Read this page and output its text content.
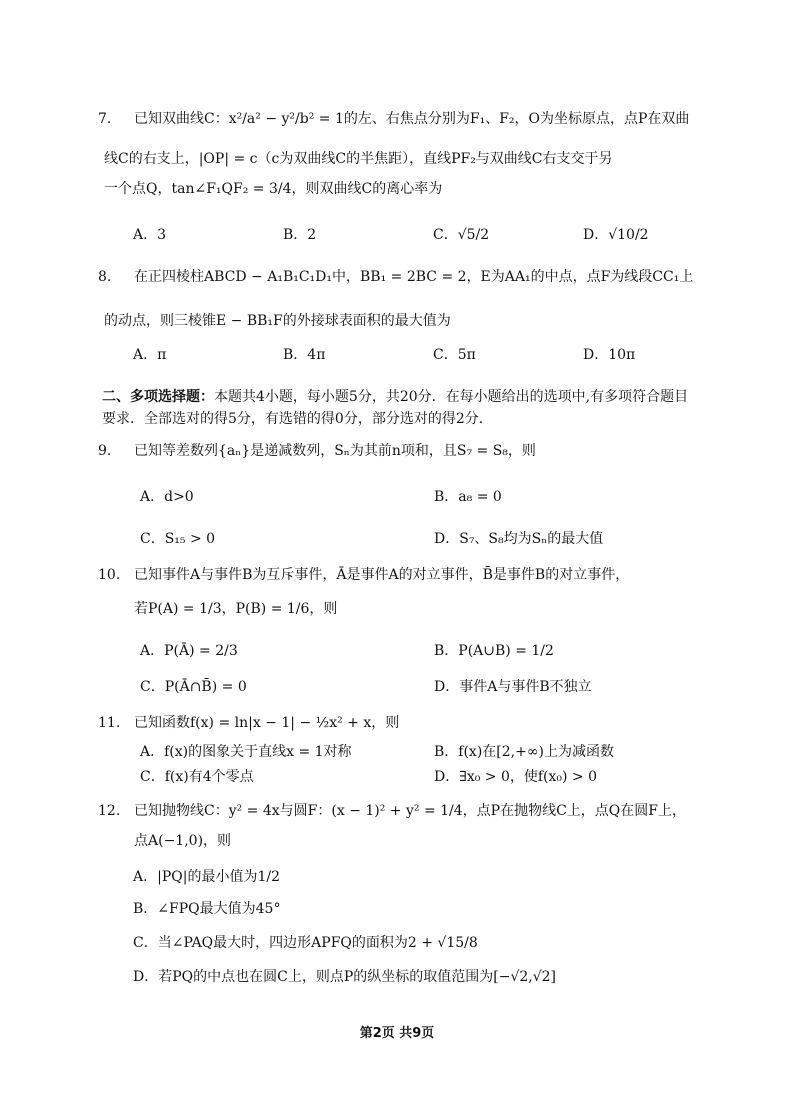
7. 已知双曲线C：x²/a² − y²/b² = 1的左、右焦点分别为F₁、F₂，O为坐标原点，点P在双曲
线C的右支上，|OP| = c（c为双曲线C的半焦距），直线PF₂与双曲线C右支交于另
一个点Q，tan∠F₁QF₂ = 3/4，则双曲线C的离心率为
A．3	B．2	C．√5/2	D．√10/2
8. 在正四棱柱ABCD − A₁B₁C₁D₁中，BB₁ = 2BC = 2，E为AA₁的中点，点F为线段CC₁上
的动点，则三棱锥E − BB₁F的外接球表面积的最大值为
A．π	B．4π	C．5π	D．10π
二、多项选择题：本题共4小题，每小题5分，共20分．在每小题给出的选项中,有多项符合题目要求．全部选对的得5分，有选错的得0分，部分选对的得2分．
9. 已知等差数列{aₙ}是递减数列，Sₙ为其前n项和，且S₇ = S₈，则
A．d>0	B．a₈ = 0
C．S₁₅ > 0	D．S₇、S₈均为Sₙ的最大值
10. 已知事件A与事件B为互斥事件，Ā是事件A的对立事件，B̄是事件B的对立事件，
若P(A) = 1/3，P(B) = 1/6，则
A．P(Ā) = 2/3	B．P(A∪B) = 1/2
C．P(Ā∩B̄) = 0	D．事件A与事件B不独立
11. 已知函数f(x) = ln|x − 1| − ½x² + x，则
A．f(x)的图象关于直线x = 1对称	B．f(x)在[2,+∞)上为减函数
C．f(x)有4个零点	D．∃x₀ > 0，使f(x₀) > 0
12. 已知抛物线C：y² = 4x与圆F：(x − 1)² + y² = 1/4，点P在抛物线C上，点Q在圆F上，
点A(−1,0)，则
A．|PQ|的最小值为1/2
B．∠FPQ最大值为45°
C．当∠PAQ最大时，四边形APFQ的面积为2 + √15/8
D．若PQ的中点也在圆C上，则点P的纵坐标的取值范围为[−√2,√2]
第2页 共9页
